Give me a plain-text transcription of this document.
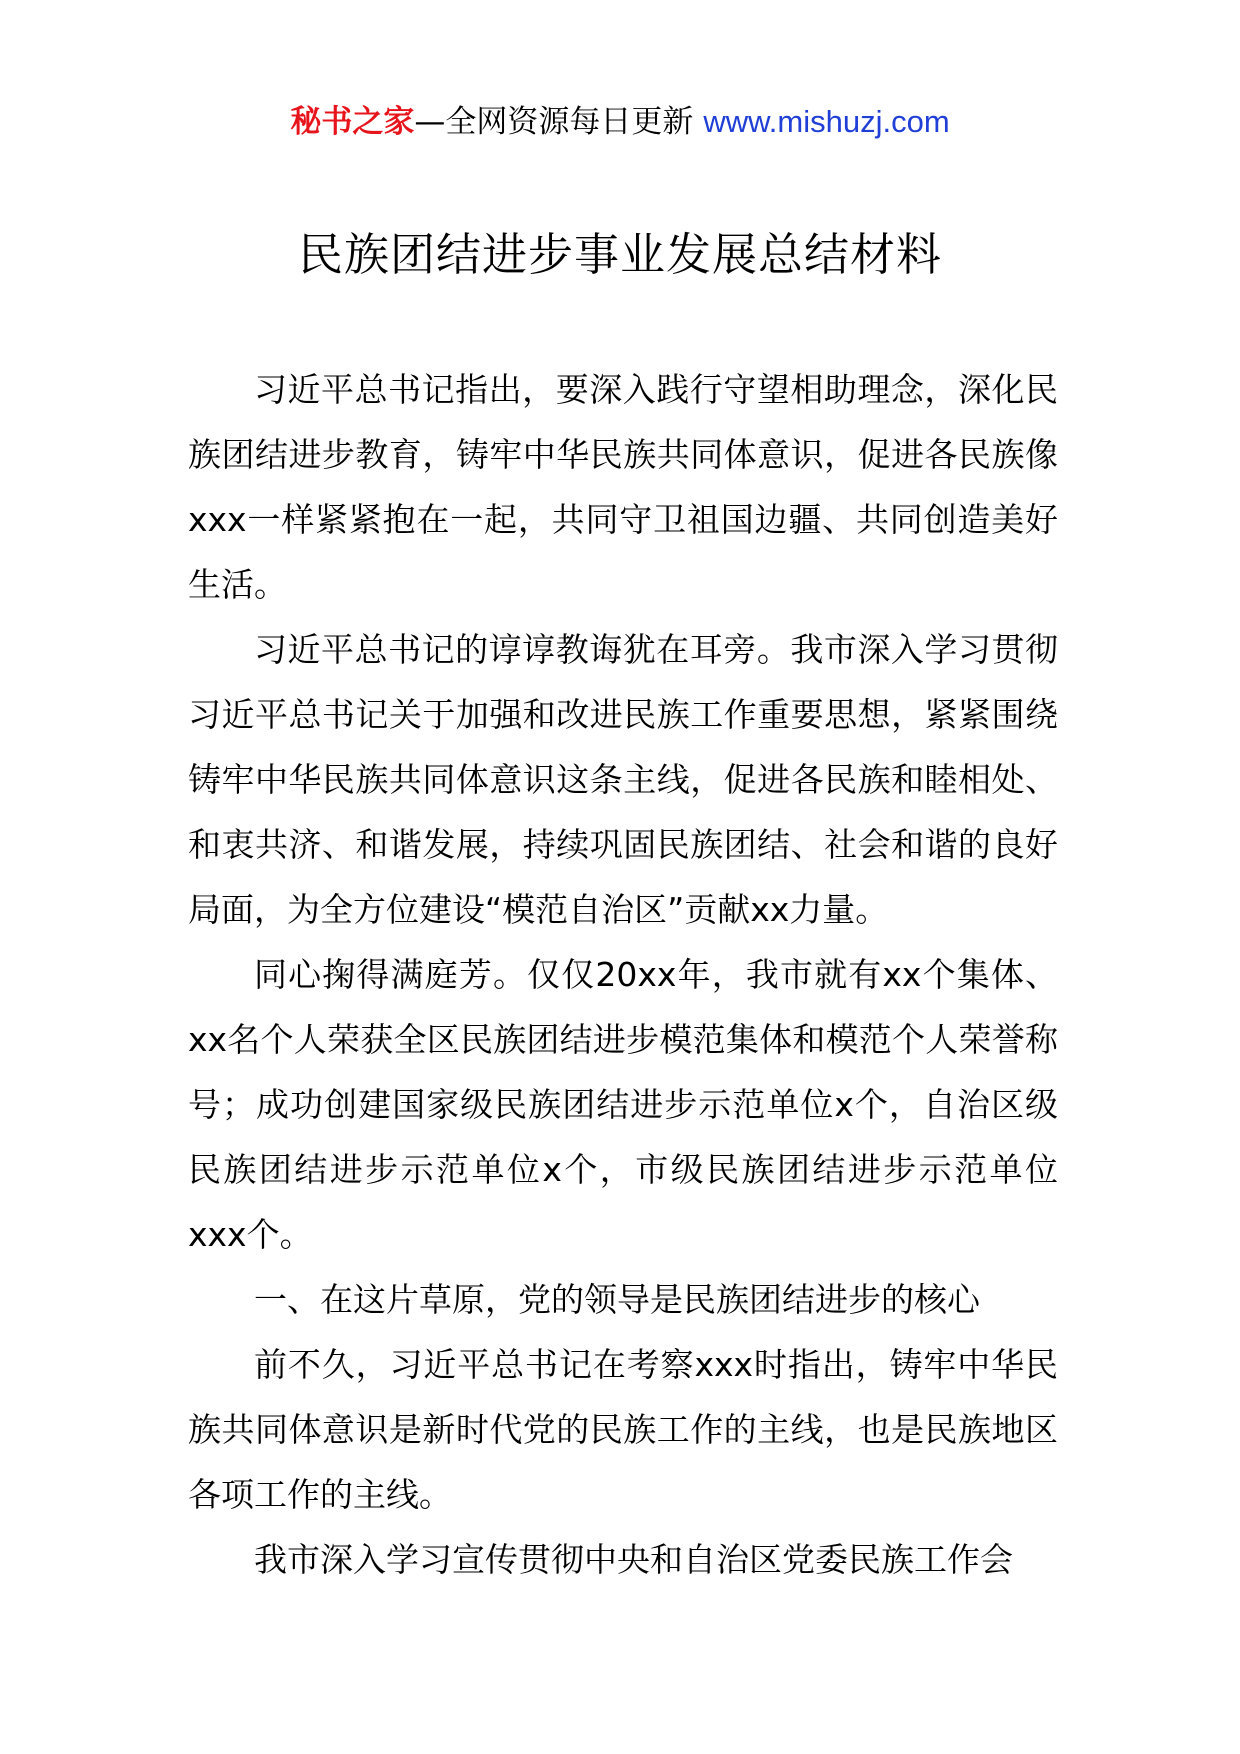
秘书之家—全网资源每日更新 www.mishuzj.com
民族团结进步事业发展总结材料

习近平总书记指出，要深入践行守望相助理念，深化民族团结进步教育，铸牢中华民族共同体意识，促进各民族像xxx一样紧紧抱在一起，共同守卫祖国边疆、共同创造美好生活。

习近平总书记的谆谆教诲犹在耳旁。我市深入学习贯彻习近平总书记关于加强和改进民族工作重要思想，紧紧围绕铸牢中华民族共同体意识这条主线，促进各民族和睦相处、和衷共济、和谐发展，持续巩固民族团结、社会和谐的良好局面，为全方位建设“模范自治区”贡献xx力量。

同心掬得满庭芳。仅仅20xx年，我市就有xx个集体、xx名个人荣获全区民族团结进步模范集体和模范个人荣誉称号；成功创建国家级民族团结进步示范单位x个，自治区级民族团结进步示范单位x个，市级民族团结进步示范单位xxx个。

一、在这片草原，党的领导是民族团结进步的核心

前不久，习近平总书记在考察xxx时指出，铸牢中华民族共同体意识是新时代党的民族工作的主线，也是民族地区各项工作的主线。

我市深入学习宣传贯彻中央和自治区党委民族工作会
